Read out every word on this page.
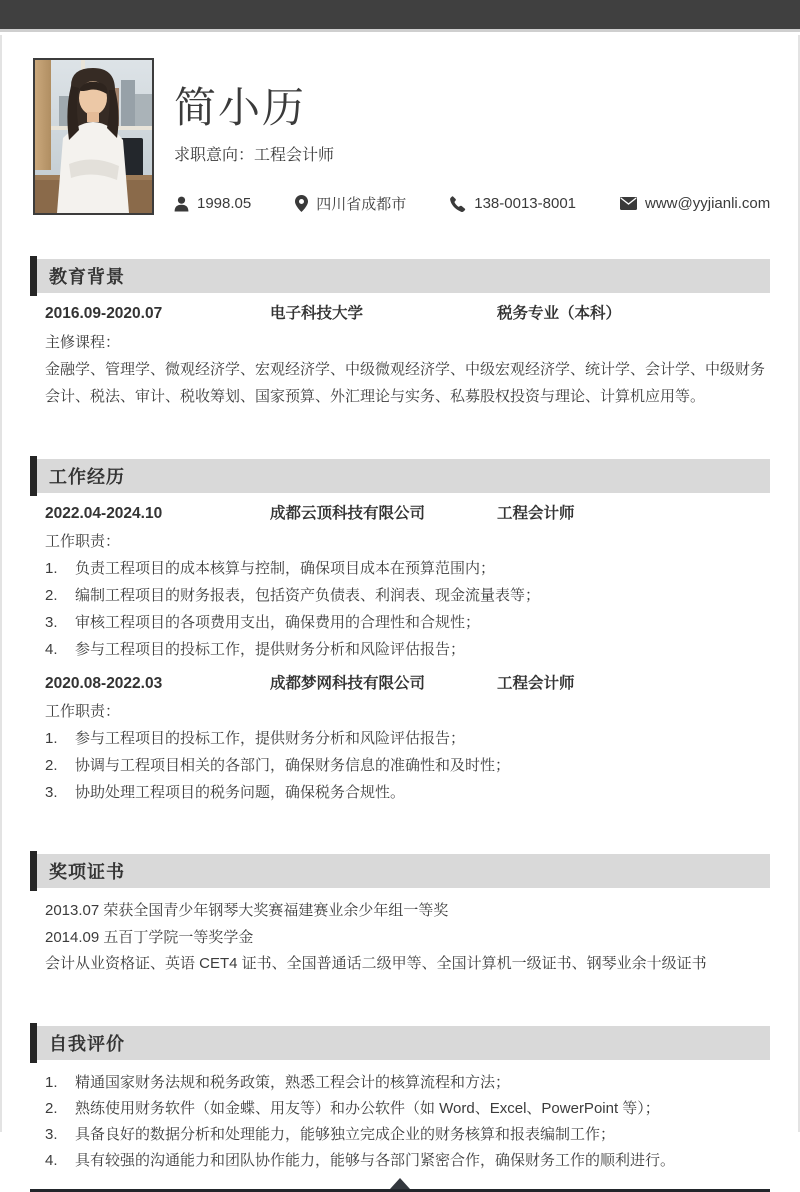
简小历
求职意向：工程会计师
1998.05	四川省成都市	138-0013-8001	www@yyjianli.com
教育背景
2016.09-2020.07	电子科技大学	税务专业（本科）
主修课程：

金融学、管理学、微观经济学、宏观经济学、中级微观经济学、中级宏观经济学、统计学、会计学、中级财务会计、税法、审计、税收筹划、国家预算、外汇理论与实务、私募股权投资与理论、计算机应用等。

工作经历
2022.04-2024.10	成都云顶科技有限公司	工程会计师
工作职责：
负责工程项目的成本核算与控制，确保项目成本在预算范围内；
编制工程项目的财务报表，包括资产负债表、利润表、现金流量表等；
审核工程项目的各项费用支出，确保费用的合理性和合规性；
参与工程项目的投标工作，提供财务分析和风险评估报告；
2020.08-2022.03	成都梦网科技有限公司	工程会计师
工作职责：
参与工程项目的投标工作，提供财务分析和风险评估报告；
协调与工程项目相关的各部门，确保财务信息的准确性和及时性；
协助处理工程项目的税务问题，确保税务合规性。
奖项证书
2013.07 荣获全国青少年钢琴大奖赛福建赛业余少年组一等奖
2014.09 五百丁学院一等奖学金
会计从业资格证、英语 CET4 证书、全国普通话二级甲等、全国计算机一级证书、钢琴业余十级证书
自我评价
精通国家财务法规和税务政策，熟悉工程会计的核算流程和方法；
熟练使用财务软件（如金蝶、用友等）和办公软件（如 Word、Excel、PowerPoint 等）；
具备良好的数据分析和处理能力，能够独立完成企业的财务核算和报表编制工作；
具有较强的沟通能力和团队协作能力，能够与各部门紧密合作，确保财务工作的顺利进行。
